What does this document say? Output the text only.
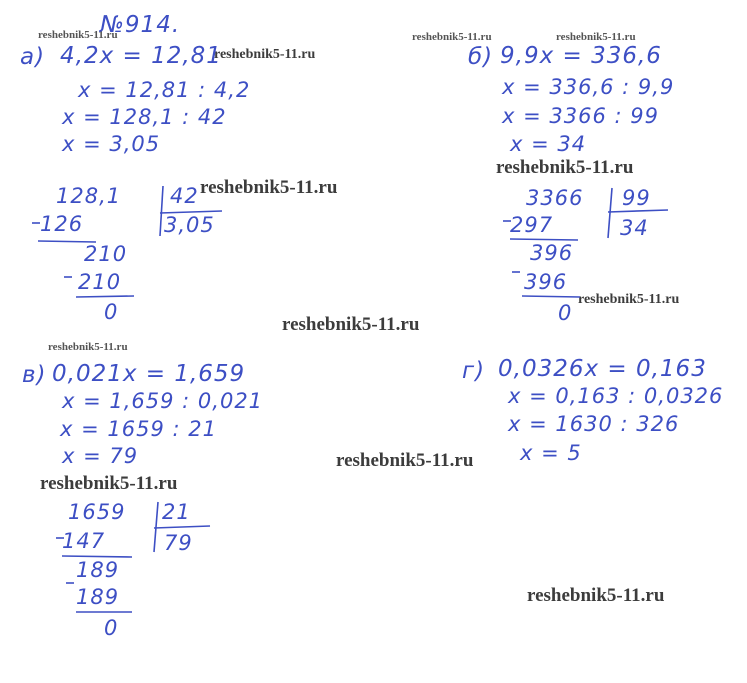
reshebnik5-11.ru
reshebnik5-11.ru
reshebnik5-11.ru	reshebnik5-11.ru
reshebnik5-11.ru
reshebnik5-11.ru
reshebnik5-11.ru
reshebnik5-11.ru
reshebnik5-11.ru
reshebnik5-11.ru
reshebnik5-11.ru
reshebnik5-11.ru
№914.
а) 4,2x = 12,81
x = 12,81 : 4,2
x = 128,1 : 42
x = 3,05
128,1 42
3,05
126
210
210
0
б) 9,9x = 336,6
x = 336,6 : 9,9
x = 3366 : 99
x = 34
3366 99
34
297
396
396
0
в) 0,021x = 1,659
x = 1,659 : 0,021
x = 1659 : 21
x = 79
1659 21
79
147
189
189
0
г) 0,0326x = 0,163
x = 0,163 : 0,0326
x = 1630 : 326
x = 5
